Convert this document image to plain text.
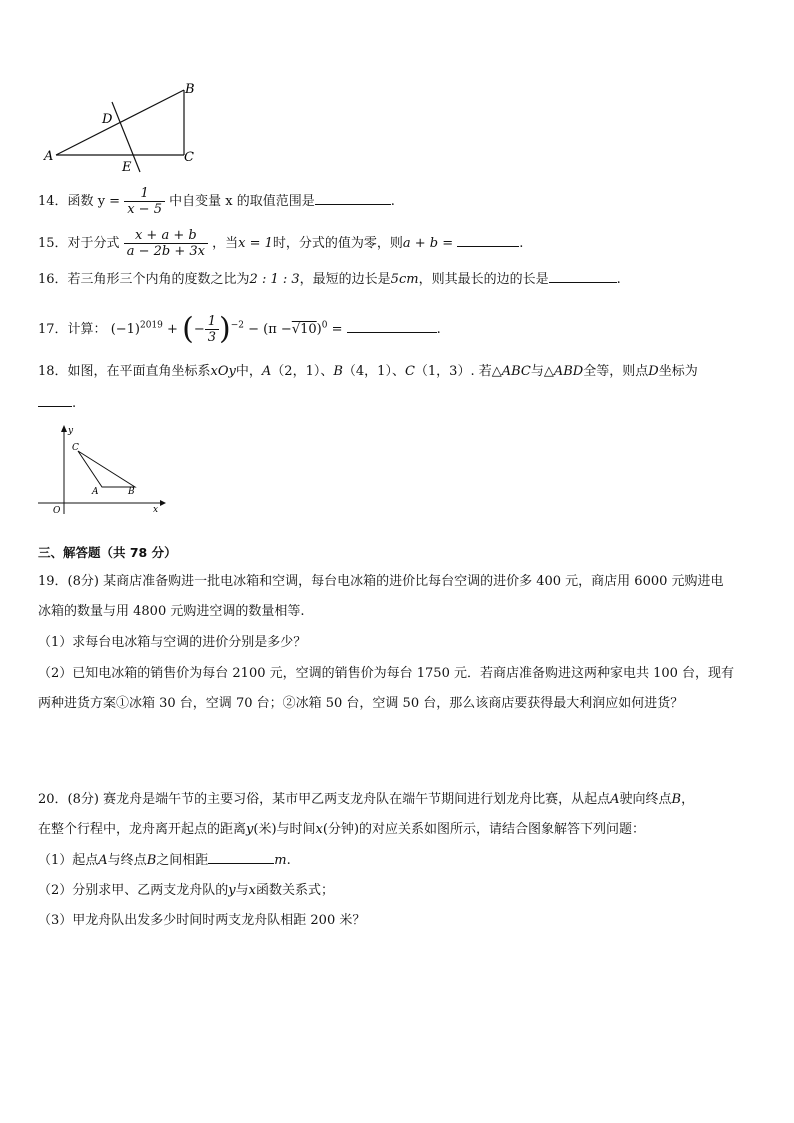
A
B
C
D
E
14．函数 $y = \frac{1}{x - 5}$ 中自变量 x 的取值范围是	.
15．对于分式 $\frac{x + a + b}{a - 2b + 3x}$ ，当x = 1时，分式的值为零，则a + b =	.
16．若三角形三个内角的度数之比为2 : 1 : 3，最短的边长是5cm，则其最长的边的长是	.
17．计算： $(-1)^{2019}$ + (− $\frac{1}{3} )^{-2} - (\pi -√10)^0$ =	.
18．如图，在平面直角坐标系xOy中，A（2，1）、B（4，1）、C（1，3）. 若△ABC与△ABD全等，则点D坐标为
.
y
x
O
A	B
C
三、解答题（共 78 分）
19．(8分) 某商店准备购进一批电冰箱和空调，每台电冰箱的进价比每台空调的进价多 400 元，商店用 6000 元购进电
冰箱的数量与用 4800 元购进空调的数量相等.
（1）求每台电冰箱与空调的进价分别是多少？
（2）已知电冰箱的销售价为每台 2100 元，空调的销售价为每台 1750 元．若商店准备购进这两种家电共 100 台，现有
两种进货方案①冰箱 30 台，空调 70 台；②冰箱 50 台，空调 50 台，那么该商店要获得最大利润应如何进货？
20．(8分) 赛龙舟是端午节的主要习俗，某市甲乙两支龙舟队在端午节期间进行划龙舟比赛，从起点A驶向终点B，
在整个行程中，龙舟离开起点的距离y(米)与时间x(分钟)的对应关系如图所示，请结合图象解答下列问题：
（1）起点A与终点B之间相距	m.
（2）分别求甲、乙两支龙舟队的y与x函数关系式；
（3）甲龙舟队出发多少时间时两支龙舟队相距 200 米？
